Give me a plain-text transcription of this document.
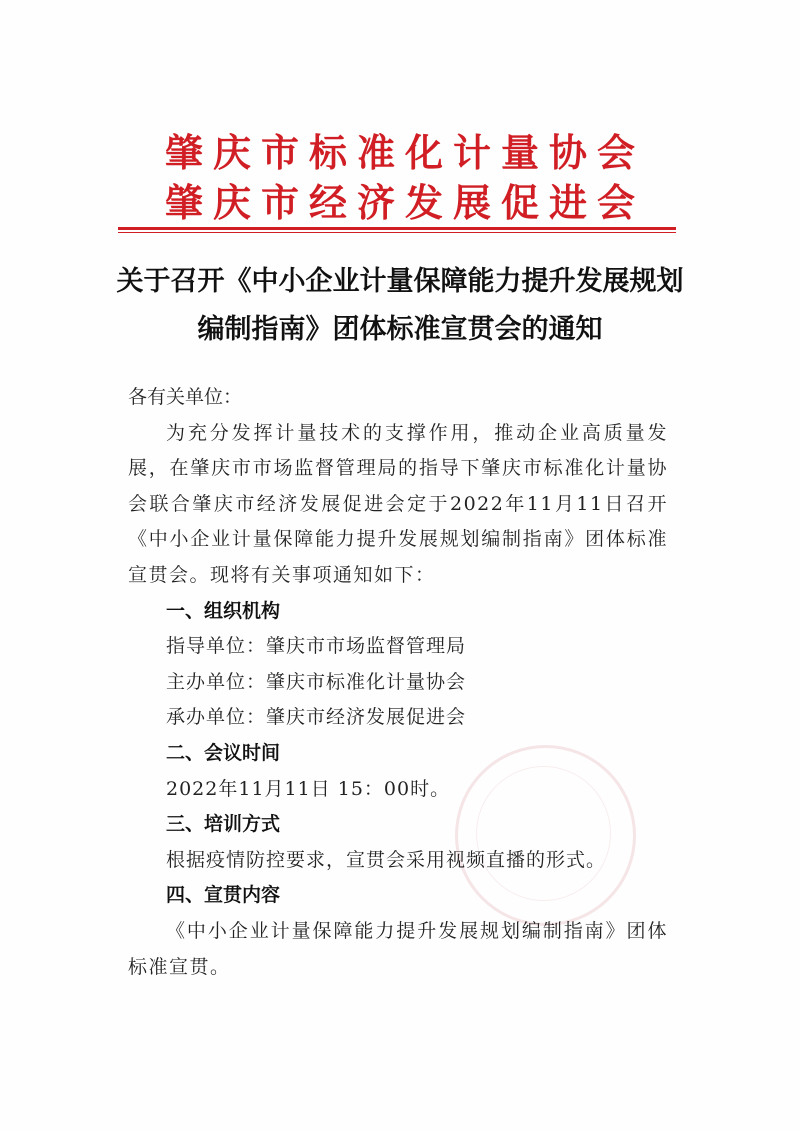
肇庆市标准化计量协会
肇庆市经济发展促进会
关于召开《中小企业计量保障能力提升发展规划
编制指南》团体标准宣贯会的通知

各有关单位：

为充分发挥计量技术的支撑作用，推动企业高质量发展，在肇庆市市场监督管理局的指导下肇庆市标准化计量协会联合肇庆市经济发展促进会定于2022年11月11日召开《中小企业计量保障能力提升发展规划编制指南》团体标准宣贯会。现将有关事项通知如下：

一、组织机构

指导单位：肇庆市市场监督管理局

主办单位：肇庆市标准化计量协会

承办单位：肇庆市经济发展促进会

二、会议时间

2022年11月11日 15：00时。

三、培训方式

根据疫情防控要求，宣贯会采用视频直播的形式。

四、宣贯内容

《中小企业计量保障能力提升发展规划编制指南》团体标准宣贯。
